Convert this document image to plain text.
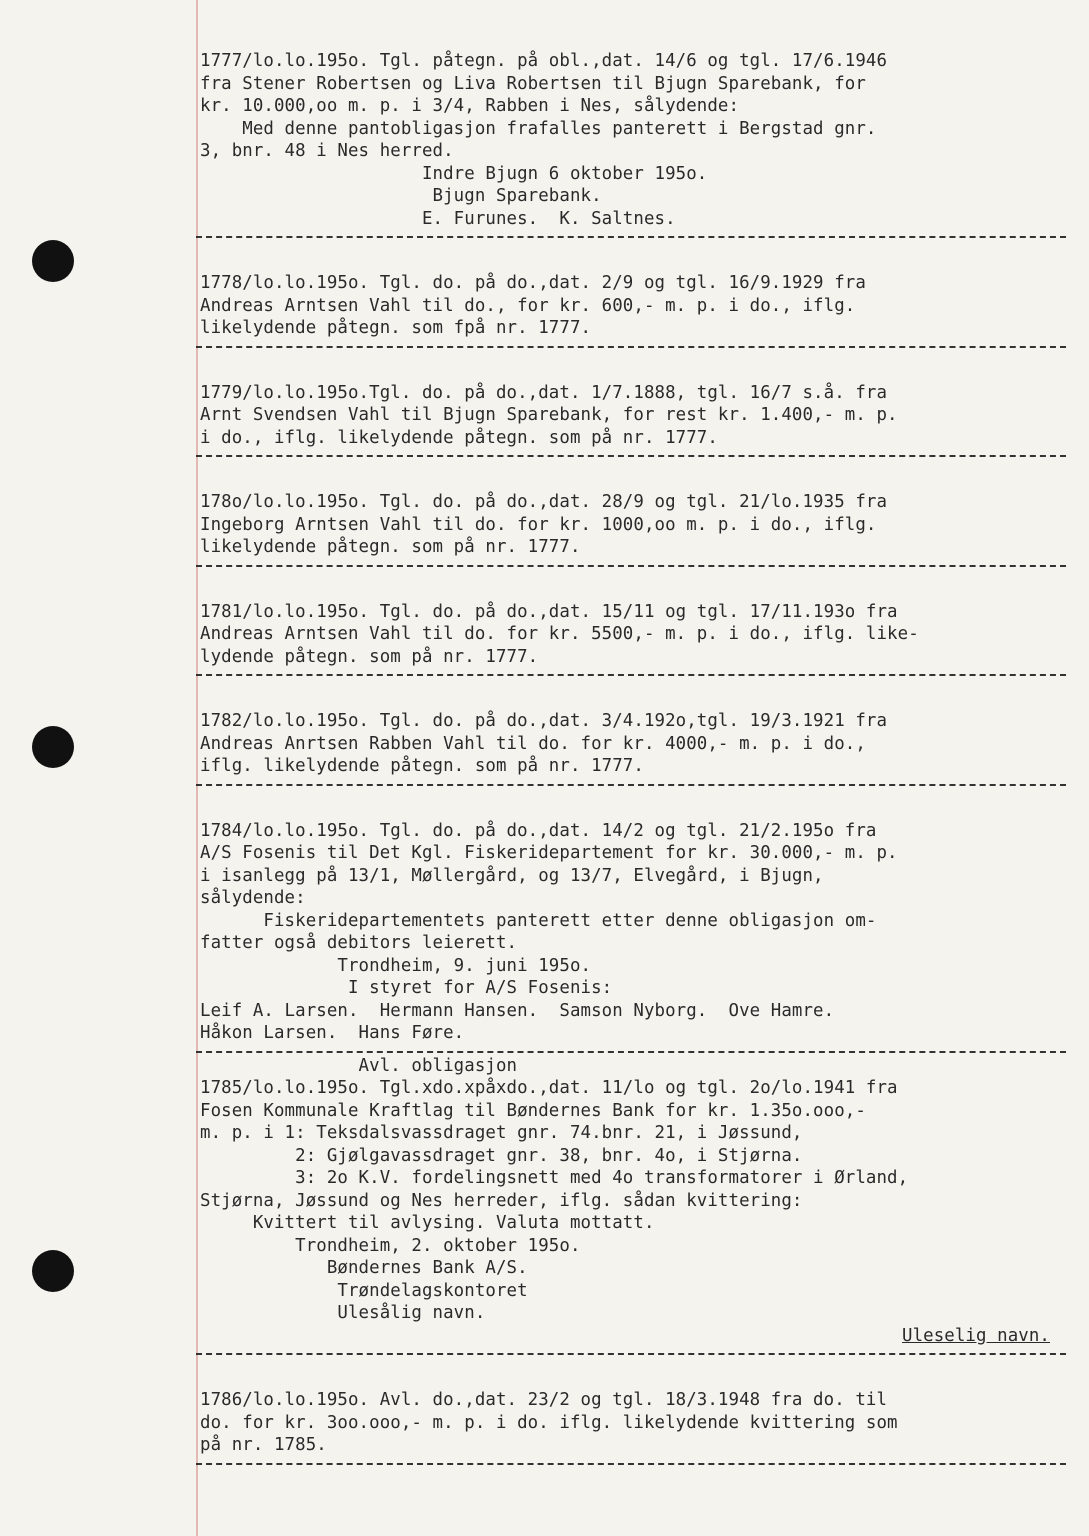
1777/lo.lo.195o. Tgl. påtegn. på obl.,dat. 14/6 og tgl. 17/6.1946
fra Stener Robertsen og Liva Robertsen til Bjugn Sparebank, for
kr. 10.000,oo m. p. i 3/4, Rabben i Nes, sålydende:
Med denne pantobligasjon frafalles panterett i Bergstad gnr.
3, bnr. 48 i Nes herred.
Indre Bjugn 6 oktober 195o.
Bjugn Sparebank.
E. Furunes.  K. Saltnes.
1778/lo.lo.195o. Tgl. do. på do.,dat. 2/9 og tgl. 16/9.1929 fra
Andreas Arntsen Vahl til do., for kr. 600,- m. p. i do., iflg.
likelydende påtegn. som fpå nr. 1777.
1779/lo.lo.195o.Tgl. do. på do.,dat. 1/7.1888, tgl. 16/7 s.å. fra
Arnt Svendsen Vahl til Bjugn Sparebank, for rest kr. 1.400,- m. p.
i do., iflg. likelydende påtegn. som på nr. 1777.
178o/lo.lo.195o. Tgl. do. på do.,dat. 28/9 og tgl. 21/lo.1935 fra
Ingeborg Arntsen Vahl til do. for kr. 1000,oo m. p. i do., iflg.
likelydende påtegn. som på nr. 1777.
1781/lo.lo.195o. Tgl. do. på do.,dat. 15/11 og tgl. 17/11.193o fra
Andreas Arntsen Vahl til do. for kr. 5500,- m. p. i do., iflg. like-
lydende påtegn. som på nr. 1777.
1782/lo.lo.195o. Tgl. do. på do.,dat. 3/4.192o,tgl. 19/3.1921 fra
Andreas Anrtsen Rabben Vahl til do. for kr. 4000,- m. p. i do.,
iflg. likelydende påtegn. som på nr. 1777.
1784/lo.lo.195o. Tgl. do. på do.,dat. 14/2 og tgl. 21/2.195o fra
A/S Fosenis til Det Kgl. Fiskeridepartement for kr. 30.000,- m. p.
i isanlegg på 13/1, Møllergård, og 13/7, Elvegård, i Bjugn,
sålydende:
Fiskeridepartementets panterett etter denne obligasjon om-
fatter også debitors leierett.
Trondheim, 9. juni 195o.
I styret for A/S Fosenis:
Leif A. Larsen.  Hermann Hansen.  Samson Nyborg.  Ove Hamre.
Håkon Larsen.  Hans Føre.
Avl. obligasjon
1785/lo.lo.195o. Tgl.xdo.xpåxdo.,dat. 11/lo og tgl. 2o/lo.1941 fra
Fosen Kommunale Kraftlag til Bøndernes Bank for kr. 1.35o.ooo,-
m. p. i 1: Teksdalsvassdraget gnr. 74.bnr. 21, i Jøssund,
2: Gjølgavassdraget gnr. 38, bnr. 4o, i Stjørna.
3: 2o K.V. fordelingsnett med 4o transformatorer i Ørland,
Stjørna, Jøssund og Nes herreder, iflg. sådan kvittering:
Kvittert til avlysing. Valuta mottatt.
Trondheim, 2. oktober 195o.
Bøndernes Bank A/S.
Trøndelagskontoret
Ulesålig navn.
Uleselig navn.
1786/lo.lo.195o. Avl. do.,dat. 23/2 og tgl. 18/3.1948 fra do. til
do. for kr. 3oo.ooo,- m. p. i do. iflg. likelydende kvittering som
på nr. 1785.
